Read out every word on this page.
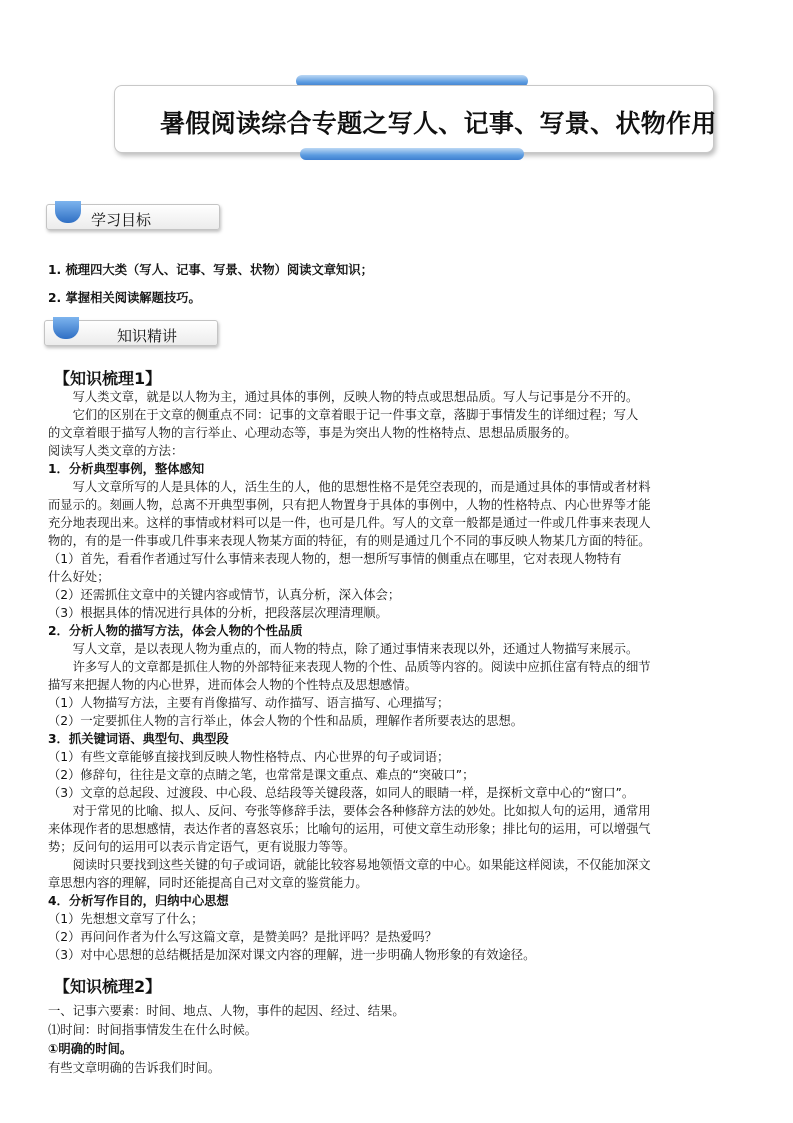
暑假阅读综合专题之写人、记事、写景、状物作用
学习目标
1. 梳理四大类（写人、记事、写景、状物）阅读文章知识；
2. 掌握相关阅读解题技巧。
知识精讲
【知识梳理1】
　　写人类文章，就是以人物为主，通过具体的事例，反映人物的特点或思想品质。写人与记事是分不开的。
　　它们的区别在于文章的侧重点不同：记事的文章着眼于记一件事文章，落脚于事情发生的详细过程；写人
的文章着眼于描写人物的言行举止、心理动态等，事是为突出人物的性格特点、思想品质服务的。
阅读写人类文章的方法：
1．分析典型事例，整体感知
　　写人文章所写的人是具体的人，活生生的人，他的思想性格不是凭空表现的，而是通过具体的事情或者材料
而显示的。刻画人物，总离不开典型事例，只有把人物置身于具体的事例中，人物的性格特点、内心世界等才能
充分地表现出来。这样的事情或材料可以是一件，也可是几件。写人的文章一般都是通过一件或几件事来表现人
物的，有的是一件事或几件事来表现人物某方面的特征，有的则是通过几个不同的事反映人物某几方面的特征。
（1）首先，看看作者通过写什么事情来表现人物的，想一想所写事情的侧重点在哪里，它对表现人物特有
什么好处；
（2）还需抓住文章中的关键内容或情节，认真分析，深入体会；
（3）根据具体的情况进行具体的分析，把段落层次理清理顺。
2．分析人物的描写方法，体会人物的个性品质
　　写人文章，是以表现人物为重点的，而人物的特点，除了通过事情来表现以外，还通过人物描写来展示。
　　许多写人的文章都是抓住人物的外部特征来表现人物的个性、品质等内容的。阅读中应抓住富有特点的细节
描写来把握人物的内心世界，进而体会人物的个性特点及思想感情。
（1）人物描写方法，主要有肖像描写、动作描写、语言描写、心理描写；
（2）一定要抓住人物的言行举止，体会人物的个性和品质，理解作者所要表达的思想。
3．抓关键词语、典型句、典型段
（1）有些文章能够直接找到反映人物性格特点、内心世界的句子或词语；
（2）修辞句，往往是文章的点睛之笔，也常常是课文重点、难点的“突破口”；
（3）文章的总起段、过渡段、中心段、总结段等关键段落，如同人的眼睛一样，是探析文章中心的“窗口”。
　　对于常见的比喻、拟人、反问、夸张等修辞手法，要体会各种修辞方法的妙处。比如拟人句的运用，通常用
来体现作者的思想感情，表达作者的喜怒哀乐；比喻句的运用，可使文章生动形象；排比句的运用，可以增强气
势；反问句的运用可以表示肯定语气，更有说服力等等。
　　阅读时只要找到这些关键的句子或词语，就能比较容易地领悟文章的中心。如果能这样阅读，不仅能加深文
章思想内容的理解，同时还能提高自己对文章的鉴赏能力。
4．分析写作目的，归纳中心思想
（1）先想想文章写了什么；
（2）再问问作者为什么写这篇文章，是赞美吗？是批评吗？是热爱吗？
（3）对中心思想的总结概括是加深对课文内容的理解，进一步明确人物形象的有效途径。
【知识梳理2】
一、记事六要素：时间、地点、人物，事件的起因、经过、结果。
⑴时间：时间指事情发生在什么时候。
①明确的时间。
有些文章明确的告诉我们时间。
